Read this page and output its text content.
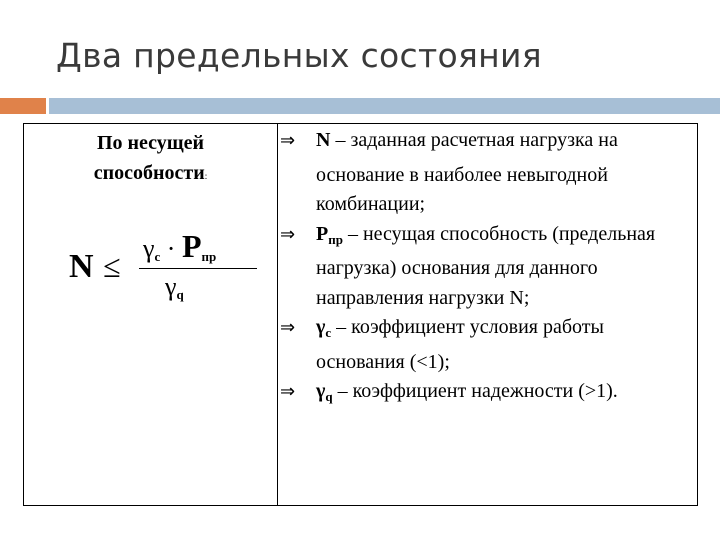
Два предельных состояния
По несущей
способности:
$N \le \gamma_c \cdot P_{пр}$
$\gamma_q$
⇒ N – заданная расчетная нагрузка на основание в наиболее невыгодной комбинации;
⇒ $P_{пр}$ – несущая способность (предельная нагрузка) основания для данного направления нагрузки N;
⇒ $\gamma_с$ – коэффициент условия работы основания (<1);
⇒ $\gamma_q$ – коэффициент надежности (>1).
